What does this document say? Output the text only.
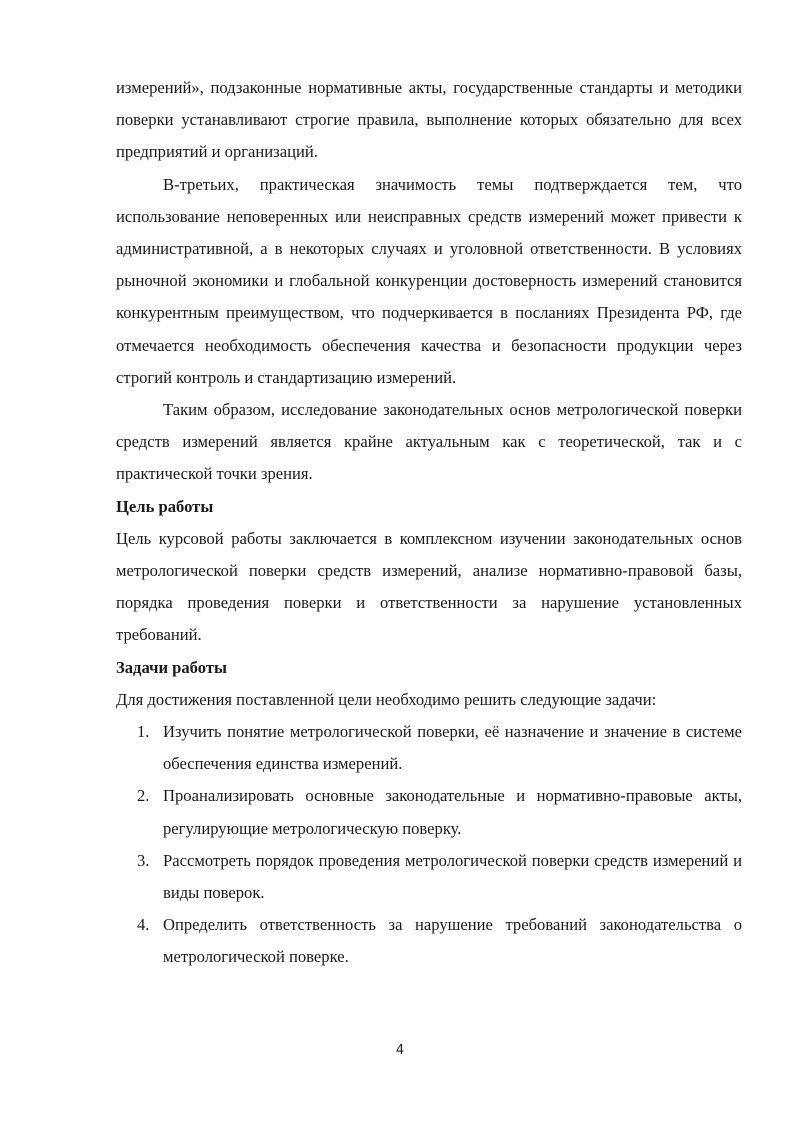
измерений», подзаконные нормативные акты, государственные стандарты и методики поверки устанавливают строгие правила, выполнение которых обязательно для всех предприятий и организаций.

В-третьих, практическая значимость темы подтверждается тем, что использование неповеренных или неисправных средств измерений может привести к административной, а в некоторых случаях и уголовной ответственности. В условиях рыночной экономики и глобальной конкуренции достоверность измерений становится конкурентным преимуществом, что подчеркивается в посланиях Президента РФ, где отмечается необходимость обеспечения качества и безопасности продукции через строгий контроль и стандартизацию измерений.

Таким образом, исследование законодательных основ метрологической поверки средств измерений является крайне актуальным как с теоретической, так и с практической точки зрения.

Цель работы

Цель курсовой работы заключается в комплексном изучении законодательных основ метрологической поверки средств измерений, анализе нормативно-правовой базы, порядка проведения поверки и ответственности за нарушение установленных требований.

Задачи работы

Для достижения поставленной цели необходимо решить следующие задачи:

1. Изучить понятие метрологической поверки, её назначение и значение в системе обеспечения единства измерений.
2. Проанализировать основные законодательные и нормативно-правовые акты, регулирующие метрологическую поверку.
3. Рассмотреть порядок проведения метрологической поверки средств измерений и виды поверок.
4. Определить ответственность за нарушение требований законодательства о метрологической поверке.
4
